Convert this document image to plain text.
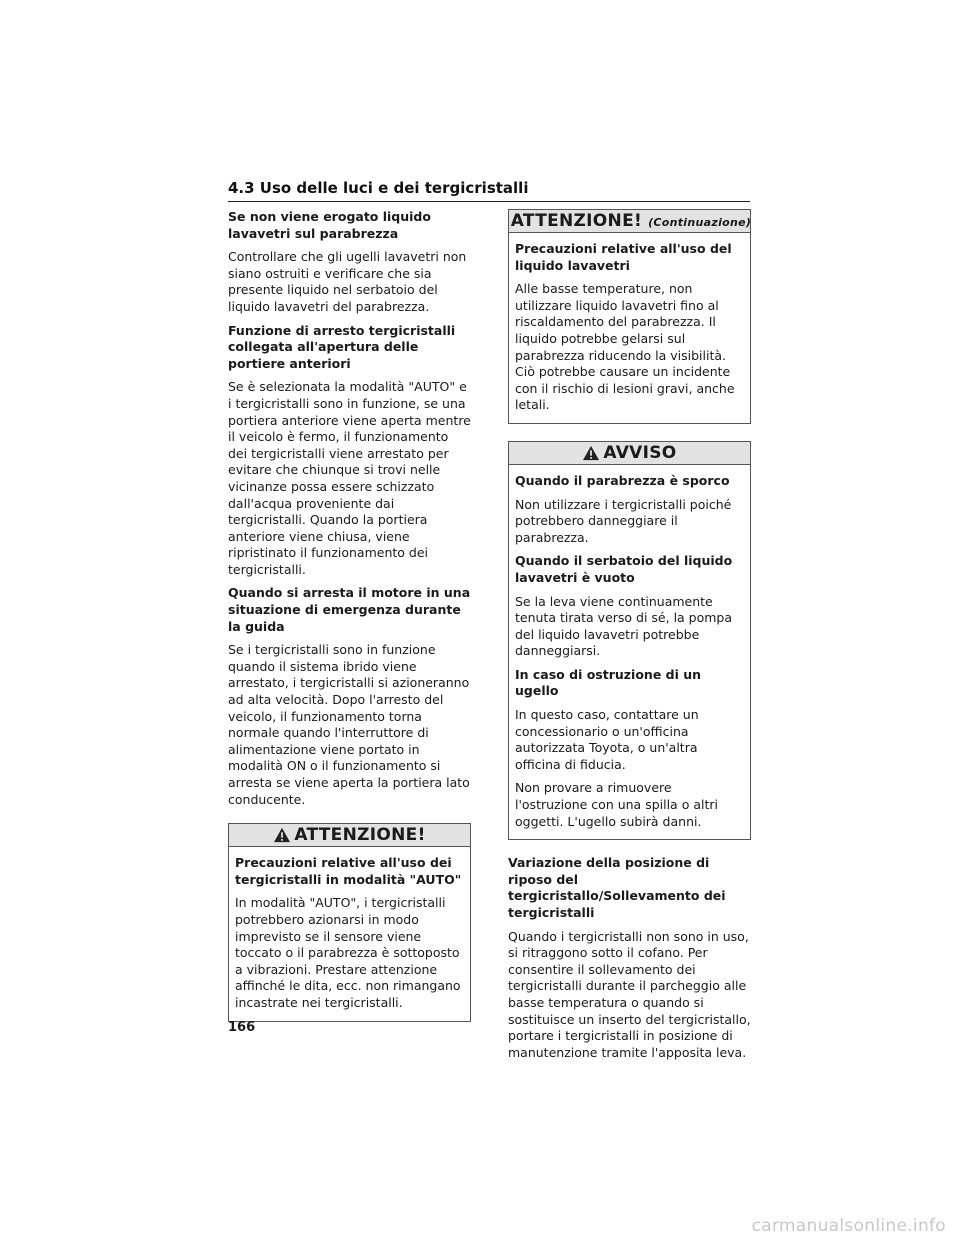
4.3 Uso delle luci e dei tergicristalli
Se non viene erogato liquido lavavetri sul parabrezza
Controllare che gli ugelli lavavetri non siano ostruiti e verificare che sia presente liquido nel serbatoio del liquido lavavetri del parabrezza.
Funzione di arresto tergicristalli collegata all'apertura delle portiere anteriori
Se è selezionata la modalità "AUTO" e i tergicristalli sono in funzione, se una portiera anteriore viene aperta mentre il veicolo è fermo, il funzionamento dei tergicristalli viene arrestato per evitare che chiunque si trovi nelle vicinanze possa essere schizzato dall'acqua proveniente dai tergicristalli. Quando la portiera anteriore viene chiusa, viene ripristinato il funzionamento dei tergicristalli.
Quando si arresta il motore in una situazione di emergenza durante la guida
Se i tergicristalli sono in funzione quando il sistema ibrido viene arrestato, i tergicristalli si azioneranno ad alta velocità. Dopo l'arresto del veicolo, il funzionamento torna normale quando l'interruttore di alimentazione viene portato in modalità ON o il funzionamento si arresta se viene aperta la portiera lato conducente.
ATTENZIONE!
Precauzioni relative all'uso dei tergicristalli in modalità "AUTO"
In modalità "AUTO", i tergicristalli potrebbero azionarsi in modo imprevisto se il sensore viene toccato o il parabrezza è sottoposto a vibrazioni. Prestare attenzione affinché le dita, ecc. non rimangano incastrate nei tergicristalli.
ATTENZIONE! (Continuazione)
Precauzioni relative all'uso del liquido lavavetri
Alle basse temperature, non utilizzare liquido lavavetri fino al riscaldamento del parabrezza. Il liquido potrebbe gelarsi sul parabrezza riducendo la visibilità. Ciò potrebbe causare un incidente con il rischio di lesioni gravi, anche letali.
AVVISO
Quando il parabrezza è sporco
Non utilizzare i tergicristalli poiché potrebbero danneggiare il parabrezza.
Quando il serbatoio del liquido lavavetri è vuoto
Se la leva viene continuamente tenuta tirata verso di sé, la pompa del liquido lavavetri potrebbe danneggiarsi.
In caso di ostruzione di un ugello
In questo caso, contattare un concessionario o un'officina autorizzata Toyota, o un'altra officina di fiducia.
Non provare a rimuovere l'ostruzione con una spilla o altri oggetti. L'ugello subirà danni.
Variazione della posizione di riposo del tergicristallo/Sollevamento dei tergicristalli
Quando i tergicristalli non sono in uso, si ritraggono sotto il cofano. Per consentire il sollevamento dei tergicristalli durante il parcheggio alle basse temperatura o quando si sostituisce un inserto del tergicristallo, portare i tergicristalli in posizione di manutenzione tramite l'apposita leva.
166
carmanualsonline.info
